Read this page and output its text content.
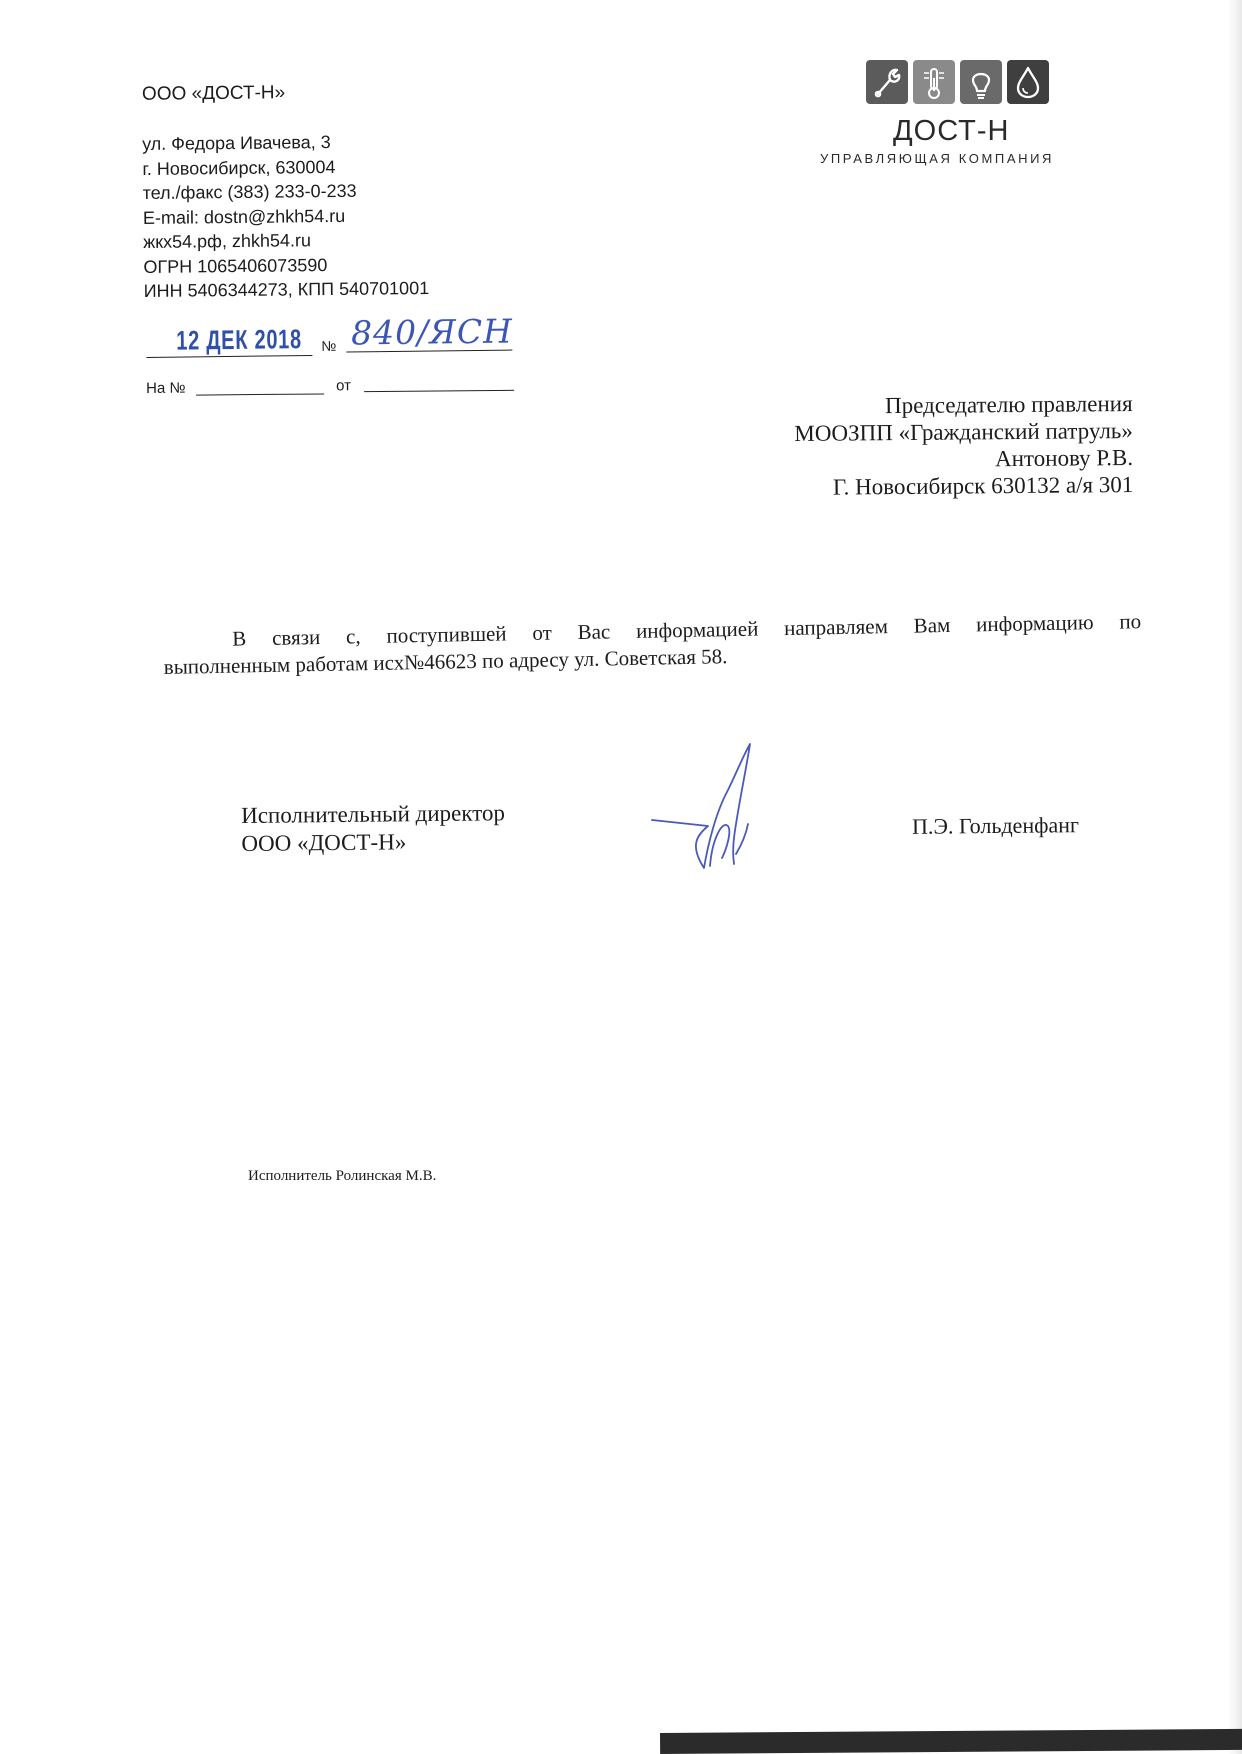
ООО «ДОСТ-Н»
ул. Федора Ивачева, 3
г. Новосибирск, 630004
тел./факс (383) 233-0-233
E-mail: dostn@zhkh54.ru
жкх54.рф, zhkh54.ru
ОГРН 1065406073590
ИНН 5406344273, КПП 540701001
12 ДЕК 2018 № 840/ЯСН
На №	от
ДОСТ-Н
УПРАВЛЯЮЩАЯ КОМПАНИЯ
Председателю правления
МООЗПП «Гражданский патруль»
Антонову Р.В.
Г. Новосибирск 630132 а/я 301
В связи с, поступившей от Вас информацией направляем Вам информацию по
выполненным работам исх№46623 по адресу ул. Советская 58.
Исполнительный директор
ООО «ДОСТ-Н»
П.Э. Гольденфанг
Исполнитель Ролинская М.В.
